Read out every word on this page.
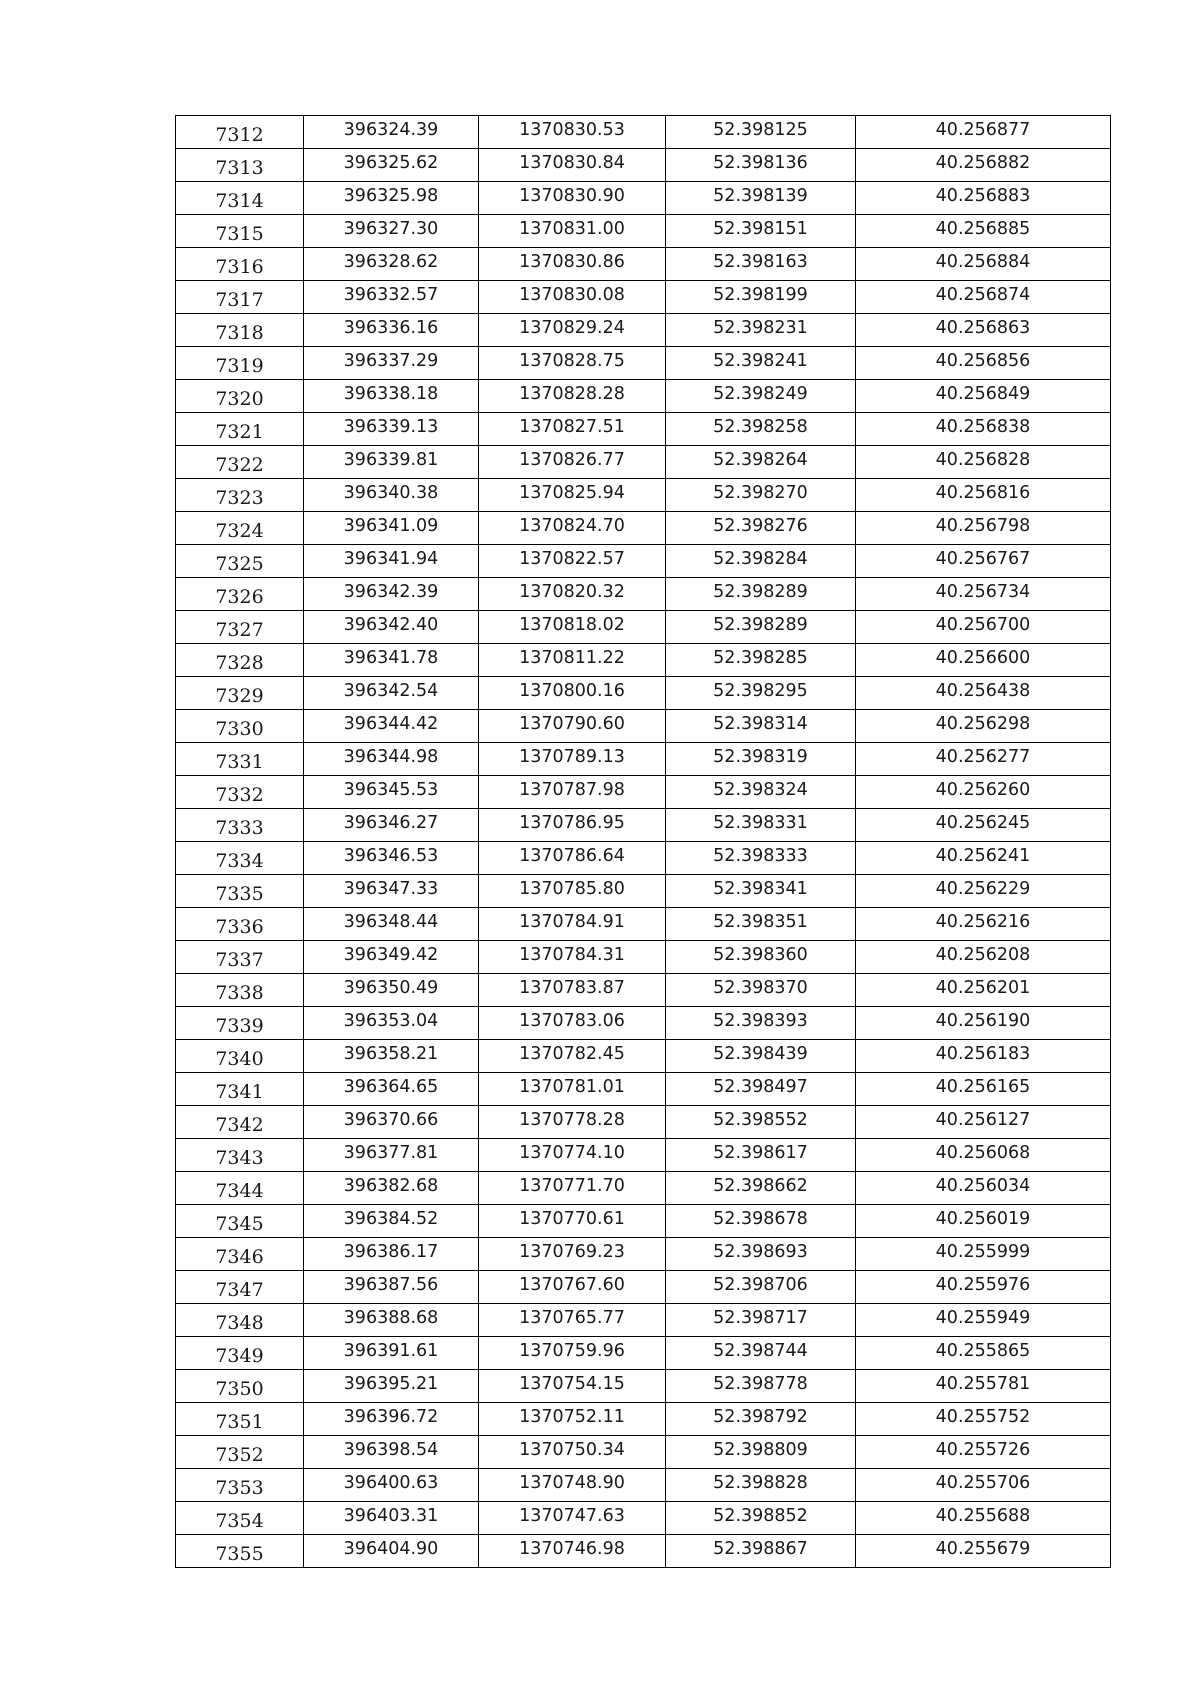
7312	396324.39	1370830.53	52.398125	40.256877
7313	396325.62	1370830.84	52.398136	40.256882
7314	396325.98	1370830.90	52.398139	40.256883
7315	396327.30	1370831.00	52.398151	40.256885
7316	396328.62	1370830.86	52.398163	40.256884
7317	396332.57	1370830.08	52.398199	40.256874
7318	396336.16	1370829.24	52.398231	40.256863
7319	396337.29	1370828.75	52.398241	40.256856
7320	396338.18	1370828.28	52.398249	40.256849
7321	396339.13	1370827.51	52.398258	40.256838
7322	396339.81	1370826.77	52.398264	40.256828
7323	396340.38	1370825.94	52.398270	40.256816
7324	396341.09	1370824.70	52.398276	40.256798
7325	396341.94	1370822.57	52.398284	40.256767
7326	396342.39	1370820.32	52.398289	40.256734
7327	396342.40	1370818.02	52.398289	40.256700
7328	396341.78	1370811.22	52.398285	40.256600
7329	396342.54	1370800.16	52.398295	40.256438
7330	396344.42	1370790.60	52.398314	40.256298
7331	396344.98	1370789.13	52.398319	40.256277
7332	396345.53	1370787.98	52.398324	40.256260
7333	396346.27	1370786.95	52.398331	40.256245
7334	396346.53	1370786.64	52.398333	40.256241
7335	396347.33	1370785.80	52.398341	40.256229
7336	396348.44	1370784.91	52.398351	40.256216
7337	396349.42	1370784.31	52.398360	40.256208
7338	396350.49	1370783.87	52.398370	40.256201
7339	396353.04	1370783.06	52.398393	40.256190
7340	396358.21	1370782.45	52.398439	40.256183
7341	396364.65	1370781.01	52.398497	40.256165
7342	396370.66	1370778.28	52.398552	40.256127
7343	396377.81	1370774.10	52.398617	40.256068
7344	396382.68	1370771.70	52.398662	40.256034
7345	396384.52	1370770.61	52.398678	40.256019
7346	396386.17	1370769.23	52.398693	40.255999
7347	396387.56	1370767.60	52.398706	40.255976
7348	396388.68	1370765.77	52.398717	40.255949
7349	396391.61	1370759.96	52.398744	40.255865
7350	396395.21	1370754.15	52.398778	40.255781
7351	396396.72	1370752.11	52.398792	40.255752
7352	396398.54	1370750.34	52.398809	40.255726
7353	396400.63	1370748.90	52.398828	40.255706
7354	396403.31	1370747.63	52.398852	40.255688
7355	396404.90	1370746.98	52.398867	40.255679
